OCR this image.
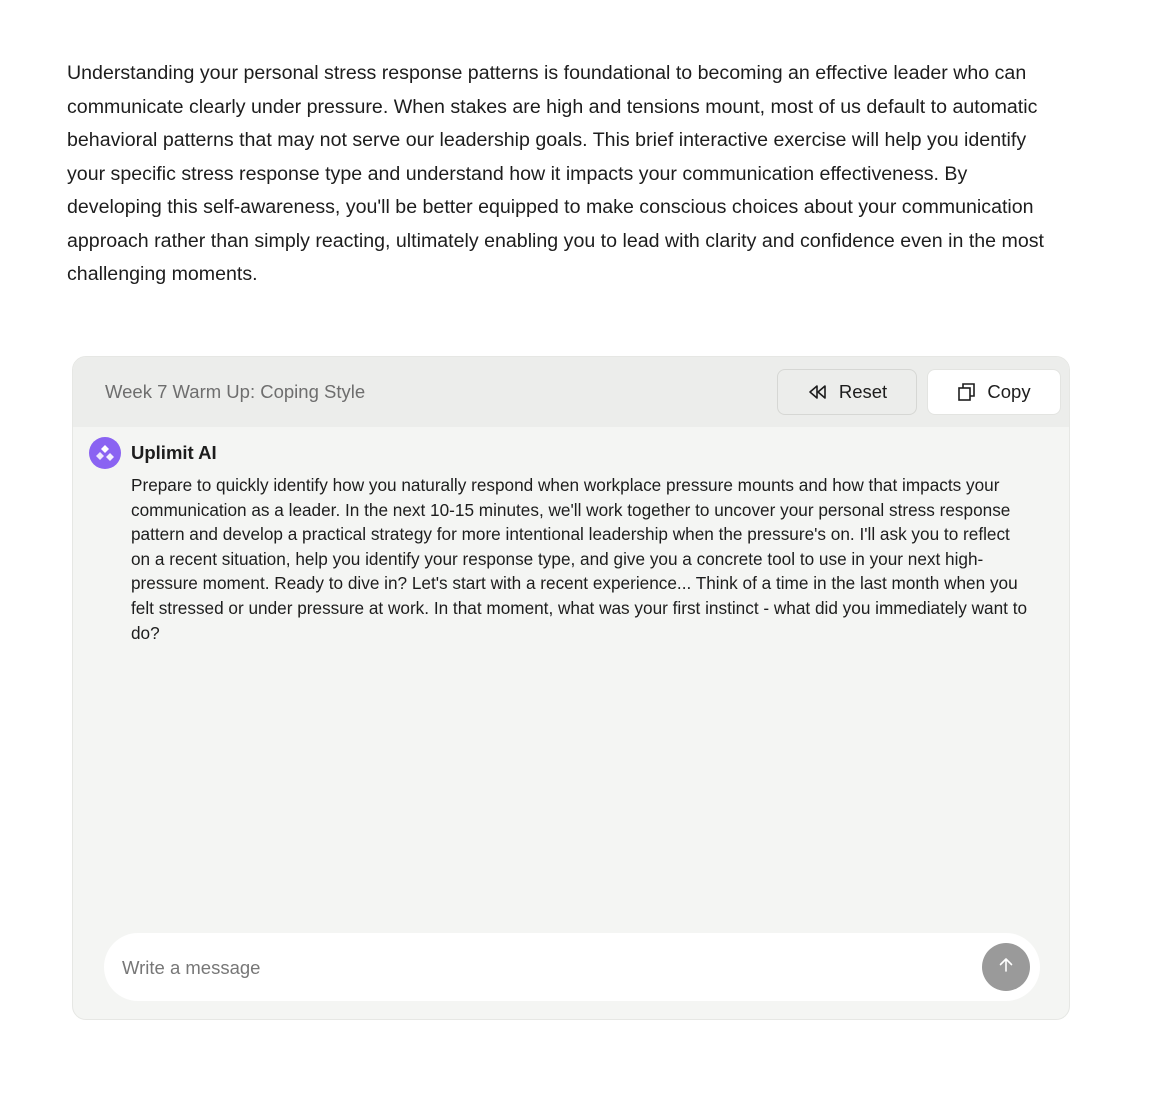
Understanding your personal stress response patterns is foundational to becoming an effective leader who can communicate clearly under pressure. When stakes are high and tensions mount, most of us default to automatic behavioral patterns that may not serve our leadership goals. This brief interactive exercise will help you identify your specific stress response type and understand how it impacts your communication effectiveness. By developing this self-awareness, you'll be better equipped to make conscious choices about your communication approach rather than simply reacting, ultimately enabling you to lead with clarity and confidence even in the most challenging moments.

Week 7 Warm Up: Coping Style	Reset	Copy
Uplimit AI

Prepare to quickly identify how you naturally respond when workplace pressure mounts and how that impacts your communication as a leader. In the next 10-15 minutes, we'll work together to uncover your personal stress response pattern and develop a practical strategy for more intentional leadership when the pressure's on. I'll ask you to reflect on a recent situation, help you identify your response type, and give you a concrete tool to use in your next high-pressure moment. Ready to dive in? Let's start with a recent experience... Think of a time in the last month when you felt stressed or under pressure at work. In that moment, what was your first instinct - what did you immediately want to do?

Write a message
